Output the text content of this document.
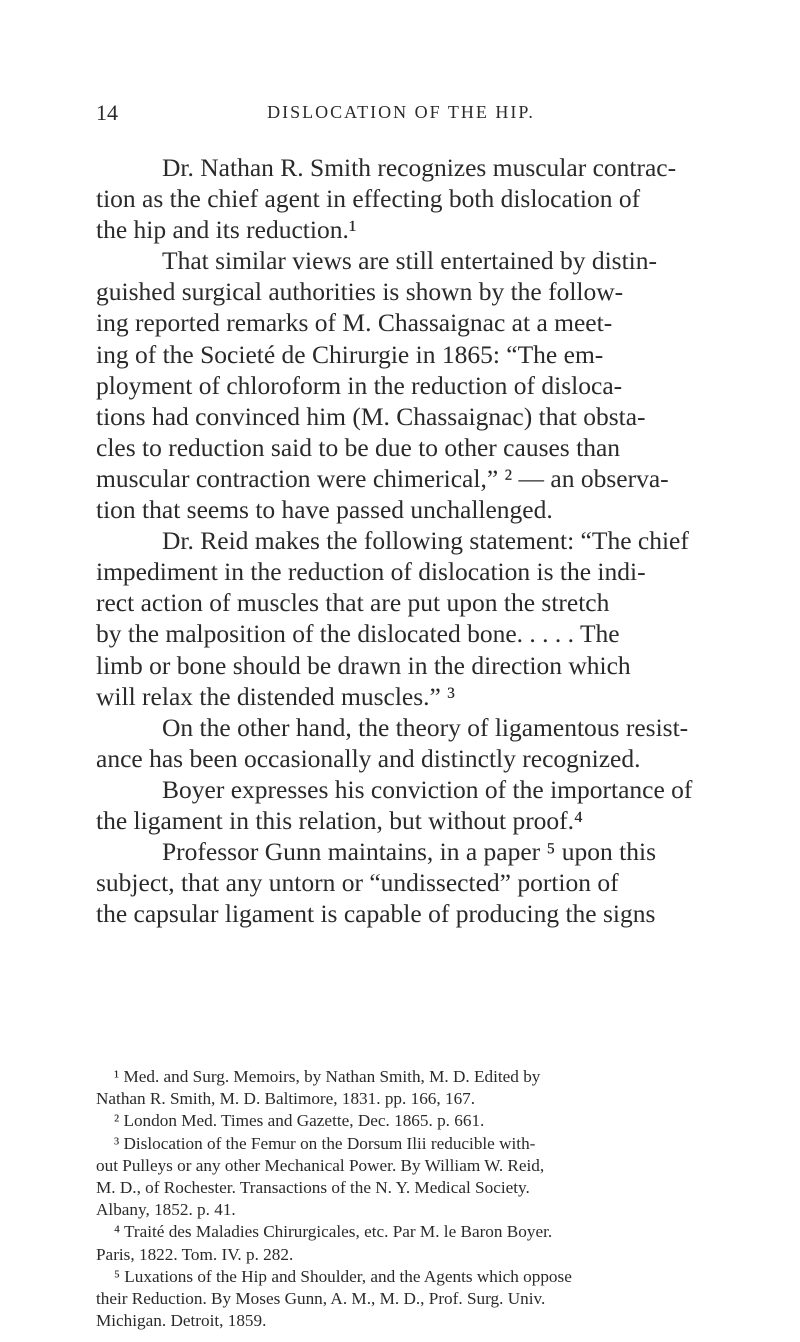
14	DISLOCATION OF THE HIP.
Dr. Nathan R. Smith recognizes muscular contrac-
tion as the chief agent in effecting both dislocation of
the hip and its reduction.¹
That similar views are still entertained by distin-
guished surgical authorities is shown by the follow-
ing reported remarks of M. Chassaignac at a meet-
ing of the Societé de Chirurgie in 1865: “The em-
ployment of chloroform in the reduction of disloca-
tions had convinced him (M. Chassaignac) that obsta-
cles to reduction said to be due to other causes than
muscular contraction were chimerical,” ² — an observa-
tion that seems to have passed unchallenged.
Dr. Reid makes the following statement: “The chief
impediment in the reduction of dislocation is the indi-
rect action of muscles that are put upon the stretch
by the malposition of the dislocated bone. . . . . The
limb or bone should be drawn in the direction which
will relax the distended muscles.” ³
On the other hand, the theory of ligamentous resist-
ance has been occasionally and distinctly recognized.
Boyer expresses his conviction of the importance of
the ligament in this relation, but without proof.⁴
Professor Gunn maintains, in a paper ⁵ upon this
subject, that any untorn or “undissected” portion of
the capsular ligament is capable of producing the signs
¹ Med. and Surg. Memoirs, by Nathan Smith, M. D. Edited by
Nathan R. Smith, M. D. Baltimore, 1831. pp. 166, 167.
² London Med. Times and Gazette, Dec. 1865. p. 661.
³ Dislocation of the Femur on the Dorsum Ilii reducible with-
out Pulleys or any other Mechanical Power. By William W. Reid,
M. D., of Rochester. Transactions of the N. Y. Medical Society.
Albany, 1852. p. 41.
⁴ Traité des Maladies Chirurgicales, etc. Par M. le Baron Boyer.
Paris, 1822. Tom. IV. p. 282.
⁵ Luxations of the Hip and Shoulder, and the Agents which oppose
their Reduction. By Moses Gunn, A. M., M. D., Prof. Surg. Univ.
Michigan. Detroit, 1859.
